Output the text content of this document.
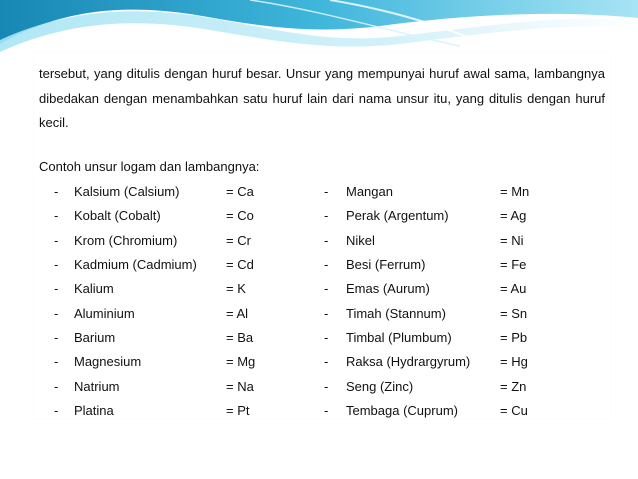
tersebut, yang ditulis dengan huruf besar. Unsur yang mempunyai huruf awal sama, lambangnya dibedakan dengan menambahkan satu huruf lain dari nama unsur itu, yang ditulis dengan huruf kecil.
Contoh unsur logam dan lambangnya:
- Kalsium (Calsium)	= Ca
- Kobalt (Cobalt)	= Co
- Krom (Chromium)	= Cr
- Kadmium (Cadmium) = Cd
- Kalium	= K
- Aluminium	= Al
- Barium	= Ba
- Magnesium	= Mg
- Natrium	= Na
- Platina	= Pt
- Mangan	= Mn
- Perak (Argentum)	= Ag
- Nikel	= Ni
- Besi (Ferrum)	= Fe
- Emas (Aurum)	= Au
- Timah (Stannum)	= Sn
- Timbal (Plumbum)	= Pb
- Raksa (Hydrargyrum) = Hg
- Seng (Zinc)	= Zn
- Tembaga (Cuprum)	= Cu
